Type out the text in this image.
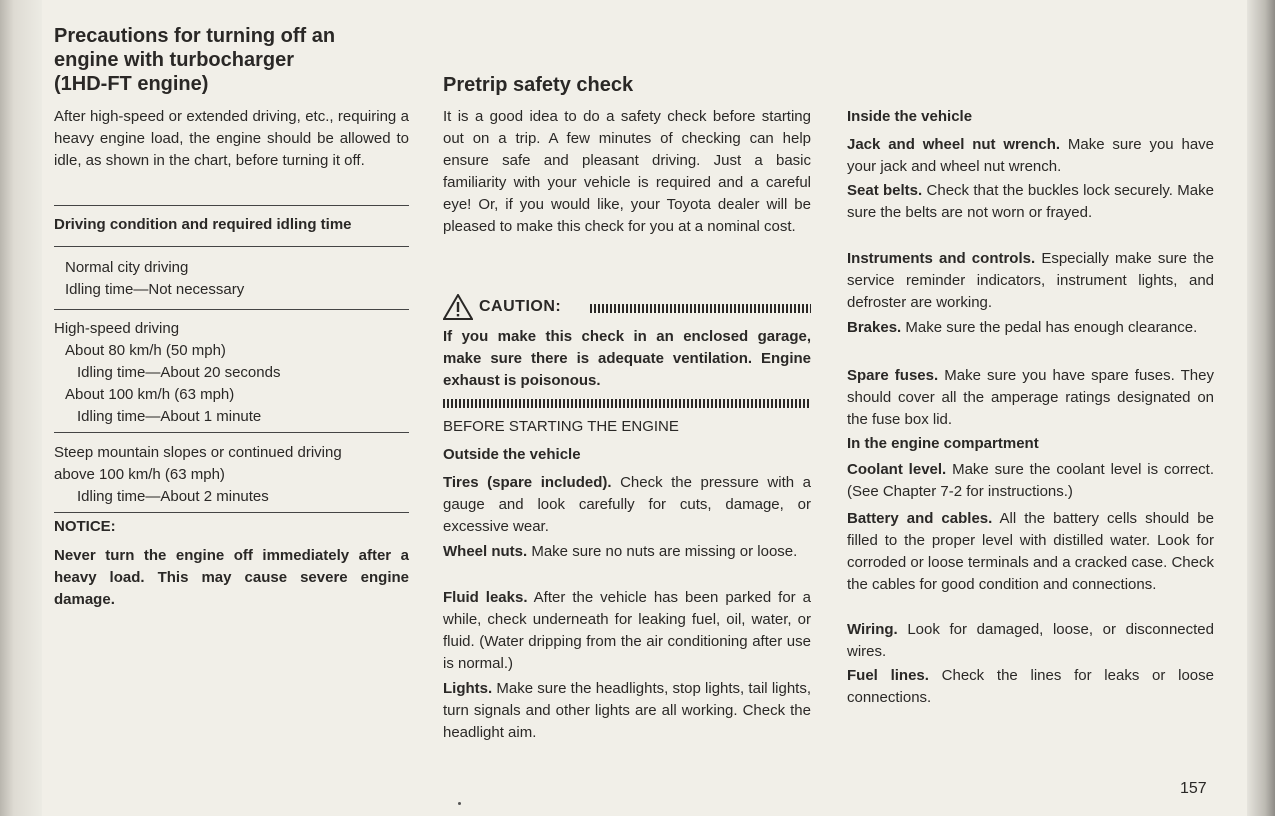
Precautions for turning off an
engine with turbocharger
(1HD-FT engine)

After high-speed or extended driving, etc., requiring a heavy engine load, the engine should be allowed to idle, as shown in the chart, before turning it off.

Driving condition and required idling time
Normal city driving
Idling time—Not necessary
High-speed driving
About 80 km/h (50 mph)
Idling time—About 20 seconds
About 100 km/h (63 mph)
Idling time—About 1 minute
Steep mountain slopes or continued driving
above 100 km/h (63 mph)
Idling time—About 2 minutes
NOTICE:

Never turn the engine off immediately after a heavy load. This may cause severe engine damage.

Pretrip safety check

It is a good idea to do a safety check before starting out on a trip. A few minutes of checking can help ensure safe and pleasant driving. Just a basic familiarity with your vehicle is required and a careful eye! Or, if you would like, your Toyota dealer will be pleased to make this check for you at a nominal cost.

CAUTION:

If you make this check in an enclosed garage, make sure there is adequate ventilation. Engine exhaust is poisonous.

BEFORE STARTING THE ENGINE
Outside the vehicle

Tires (spare included). Check the pressure with a gauge and look carefully for cuts, damage, or excessive wear.

Wheel nuts. Make sure no nuts are missing or loose.

Fluid leaks. After the vehicle has been parked for a while, check underneath for leaking fuel, oil, water, or fluid. (Water dripping from the air conditioning after use is normal.)

Lights. Make sure the headlights, stop lights, tail lights, turn signals and other lights are all working. Check the headlight aim.

Inside the vehicle

Jack and wheel nut wrench. Make sure you have your jack and wheel nut wrench.

Seat belts. Check that the buckles lock securely. Make sure the belts are not worn or frayed.

Instruments and controls. Especially make sure the service reminder indicators, instrument lights, and defroster are working.

Brakes. Make sure the pedal has enough clearance.

Spare fuses. Make sure you have spare fuses. They should cover all the amperage ratings designated on the fuse box lid.

In the engine compartment

Coolant level. Make sure the coolant level is correct. (See Chapter 7-2 for instructions.)

Battery and cables. All the battery cells should be filled to the proper level with distilled water. Look for corroded or loose terminals and a cracked case. Check the cables for good condition and connections.

Wiring. Look for damaged, loose, or disconnected wires.

Fuel lines. Check the lines for leaks or loose connections.

157
